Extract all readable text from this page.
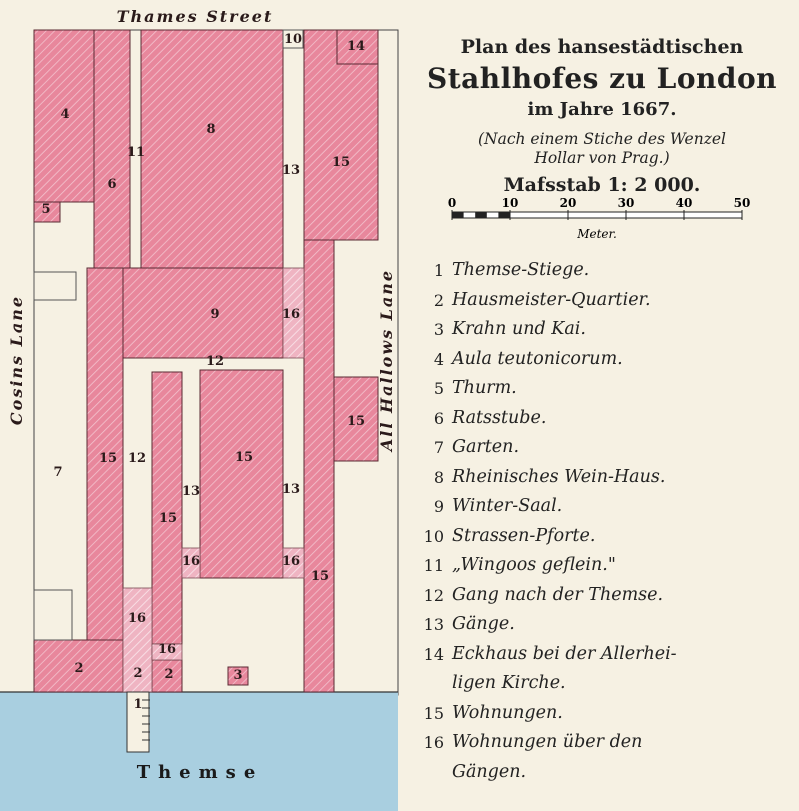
Thames Street
Cosins Lane	All Hallows Lane
Themse
1
2	2 2	3
4
5
6
7
8
9
10
11
12
12
13
13
13
14
15
15
15
15
15
15
16
16	16
16
16

Plan des hansestädtischen

Stahlhofes zu London

im Jahre 1667.

(Nach einem Stiche des Wenzel
Hollar von Prag.)

Mafsstab 1: 2 000.

0	10	20	30	40	50
Meter.
1 Themse-Stiege.
2 Hausmeister-Quartier.
3 Krahn und Kai.
4 Aula teutonicorum.
5 Thurm.
6 Ratsstube.
7 Garten.
8 Rheinisches Wein-Haus.
9 Winter-Saal.
10 Strassen-Pforte.
11 „Wingoos geflein."
12 Gang nach der Themse.
13 Gänge.
14 Eckhaus bei der Allerhei-
ligen Kirche.
15 Wohnungen.
16 Wohnungen über den
Gängen.
